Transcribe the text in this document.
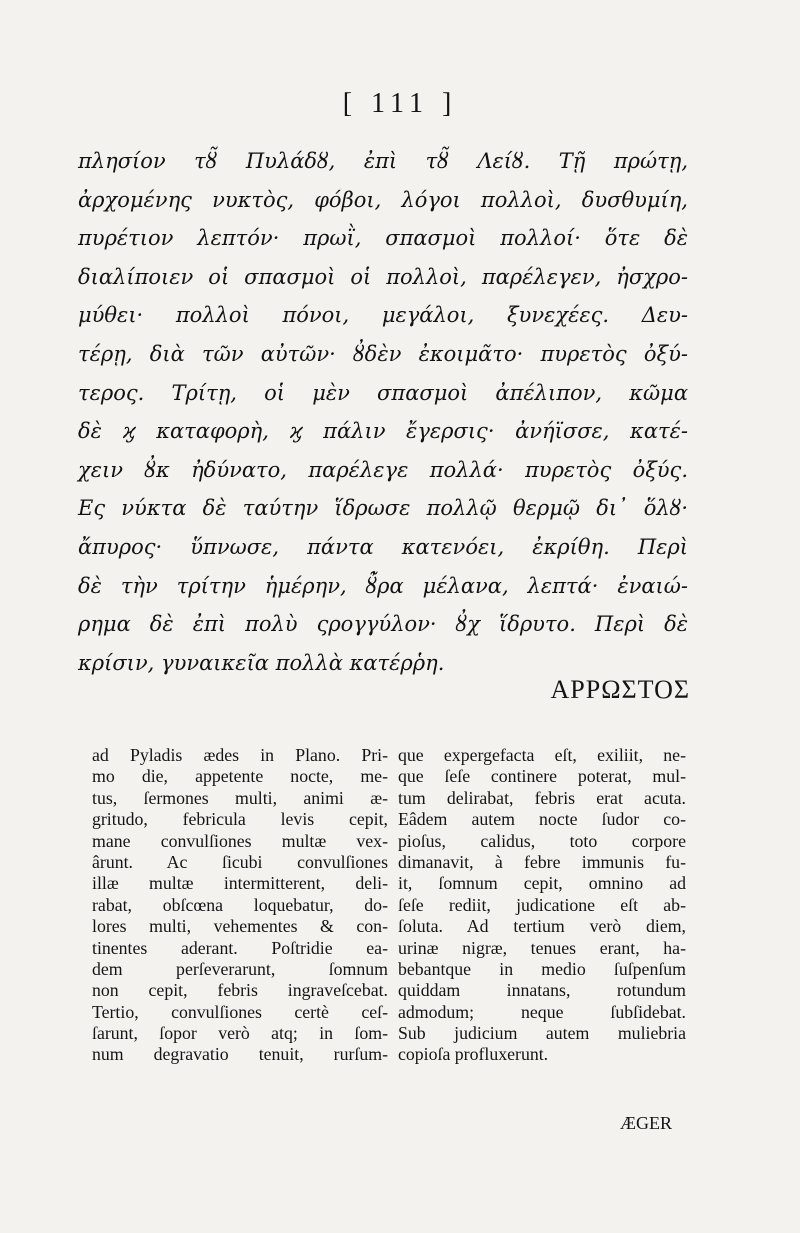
[ 111 ]
πλησίον τȣ̃ Πυλάδȣ, ἐπὶ τȣ̃ Λείȣ. Τῇ πρώτῃ,
ἀρχομένης νυκτὸς, φόβοι, λόγοι πολλοὶ, δυσθυμίη,
πυρέτιον λεπτόν· πρωῒ, σπασμοὶ πολλοί· ὅτε δὲ
διαλίποιεν οἱ σπασμοὶ οἱ πολλοὶ, παρέλεγεν, ἠσχρο-
μύθει· πολλοὶ πόνοι, μεγάλοι, ξυνεχέες. Δευ-
τέρῃ, διὰ τῶν αὐτῶν· ȣ̓δὲν ἐκοιμᾶτο· πυρετὸς ὀξύ-
τερος. Τρίτῃ, οἱ μὲν σπασμοὶ ἀπέλιπον, κῶμα
δὲ ϗ καταφορὴ, ϗ πάλιν ἔγερσις· ἀνήϊσσε, κατέ-
χειν ȣ̓κ ἠδύνατο, παρέλεγε πολλά· πυρετὸς ὀξύς.
Ες νύκτα δὲ ταύτην ἵδρωσε πολλῷ θερμῷ δι᾽ ὅλȣ·
ἄπυρος· ὕπνωσε, πάντα κατενόει, ἐκρίθη. Περὶ
δὲ τὴν τρίτην ἡμέρην, ȣ̓̃ρα μέλανα, λεπτά· ἐναιώ-
ρημα δὲ ἐπὶ πολὺ ςρογγύλον· ȣ̓χ ἵδρυτο. Περὶ δὲ
κρίσιν, γυναικεῖα πολλὰ κατέρῥη.
ΑΡΡΩΣΤΟΣ
ad Pyladis ædes in Plano. Pri-
mo die, appetente nocte, me-
tus, ſermones multi, animi æ-
gritudo, febricula levis cepit,
mane convulſiones multæ vex-
ârunt. Ac ſicubi convulſiones
illæ multæ intermitterent, deli-
rabat, obſcœna loquebatur, do-
lores multi, vehementes & con-
tinentes aderant. Poſtridie ea-
dem perſeverarunt, ſomnum
non cepit, febris ingraveſcebat.
Tertio, convulſiones certè ceſ-
ſarunt, ſopor verò atq; in ſom-
num degravatio tenuit, rurſum-
que expergefacta eſt, exiliit, ne-
que ſeſe continere poterat, mul-
tum delirabat, febris erat acuta.
Eâdem autem nocte ſudor co-
pioſus, calidus, toto corpore
dimanavit, à febre immunis fu-
it, ſomnum cepit, omnino ad
ſeſe rediit, judicatione eſt ab-
ſoluta. Ad tertium verò diem,
urinæ nigræ, tenues erant, ha-
bebantque in medio ſuſpenſum
quiddam innatans, rotundum
admodum; neque ſubſidebat.
Sub judicium autem muliebria
copioſa profluxerunt.
ÆGER
